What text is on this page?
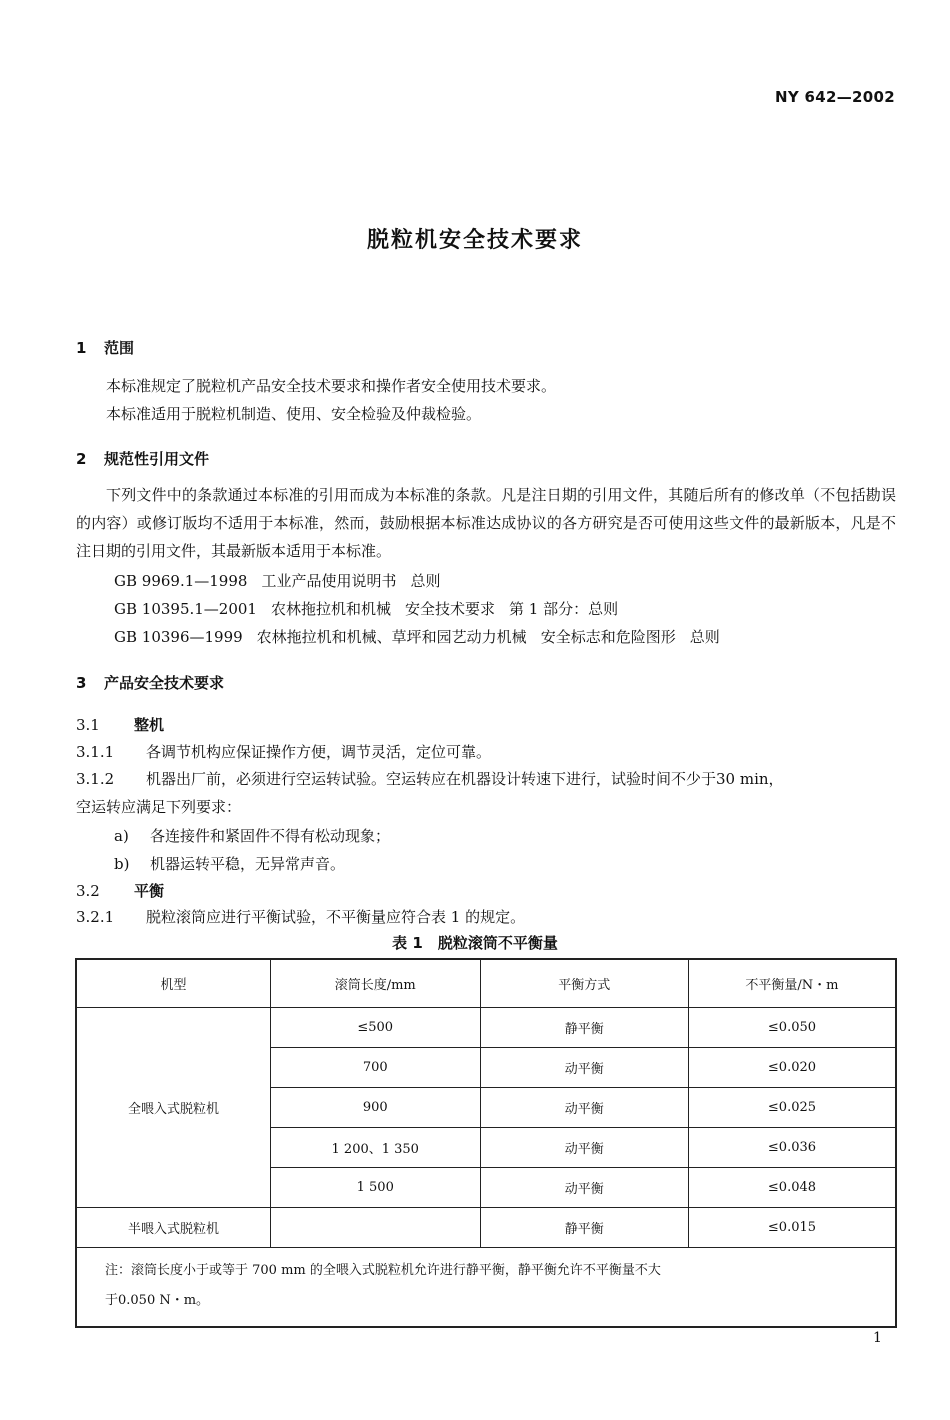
NY 642—2002
脱粒机安全技术要求
1 范围
本标准规定了脱粒机产品安全技术要求和操作者安全使用技术要求。
本标准适用于脱粒机制造、使用、安全检验及仲裁检验。
2 规范性引用文件
下列文件中的条款通过本标准的引用而成为本标准的条款。凡是注日期的引用文件，其随后所有的修改单（不包括勘误的内容）或修订版均不适用于本标准，然而，鼓励根据本标准达成协议的各方研究是否可使用这些文件的最新版本，凡是不注日期的引用文件，其最新版本适用于本标准。
GB 9969.1—1998 工业产品使用说明书 总则
GB 10395.1—2001 农林拖拉机和机械 安全技术要求 第 1 部分：总则
GB 10396—1999 农林拖拉机和机械、草坪和园艺动力机械 安全标志和危险图形 总则
3 产品安全技术要求
3.1 整机
3.1.1 各调节机构应保证操作方便，调节灵活，定位可靠。
3.1.2 机器出厂前，必须进行空运转试验。空运转应在机器设计转速下进行，试验时间不少于30 min，
空运转应满足下列要求：
a) 各连接件和紧固件不得有松动现象；
b) 机器运转平稳，无异常声音。
3.2 平衡
3.2.1 脱粒滚筒应进行平衡试验，不平衡量应符合表 1 的规定。
表 1　脱粒滚筒不平衡量
机型	滚筒长度/mm	平衡方式	不平衡量/N・m
全喂入式脱粒机	≤500	静平衡	≤0.050
	700	动平衡	≤0.020
	900	动平衡	≤0.025
	1 200、1 350	动平衡	≤0.036
	1 500	动平衡	≤0.048
半喂入式脱粒机		静平衡	≤0.015

注：滚筒长度小于或等于 700 mm 的全喂入式脱粒机允许进行静平衡，静平衡允许不平衡量不大
于0.050 N・m。			
1
